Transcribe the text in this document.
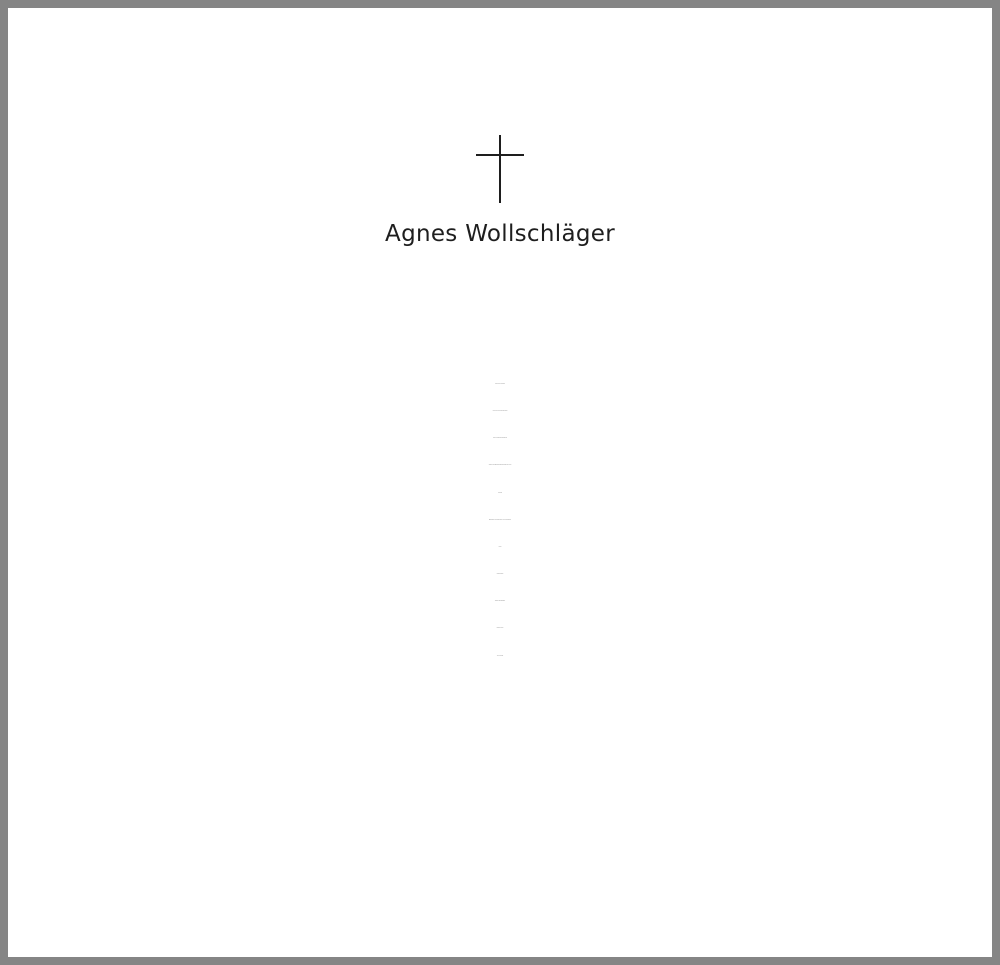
Agnes Wollschläger
Marika und Michael
Lena und Henning mit Georg
Tom und Solveig mit Moritz
Victoria und Stephan mit Benedict und Olivia
Laurenz
Stephanie und Sergio mit Anna und Daniele
Philip
Familie Bené
Familie Wollschläger
Familie Ippen
und Freunde
